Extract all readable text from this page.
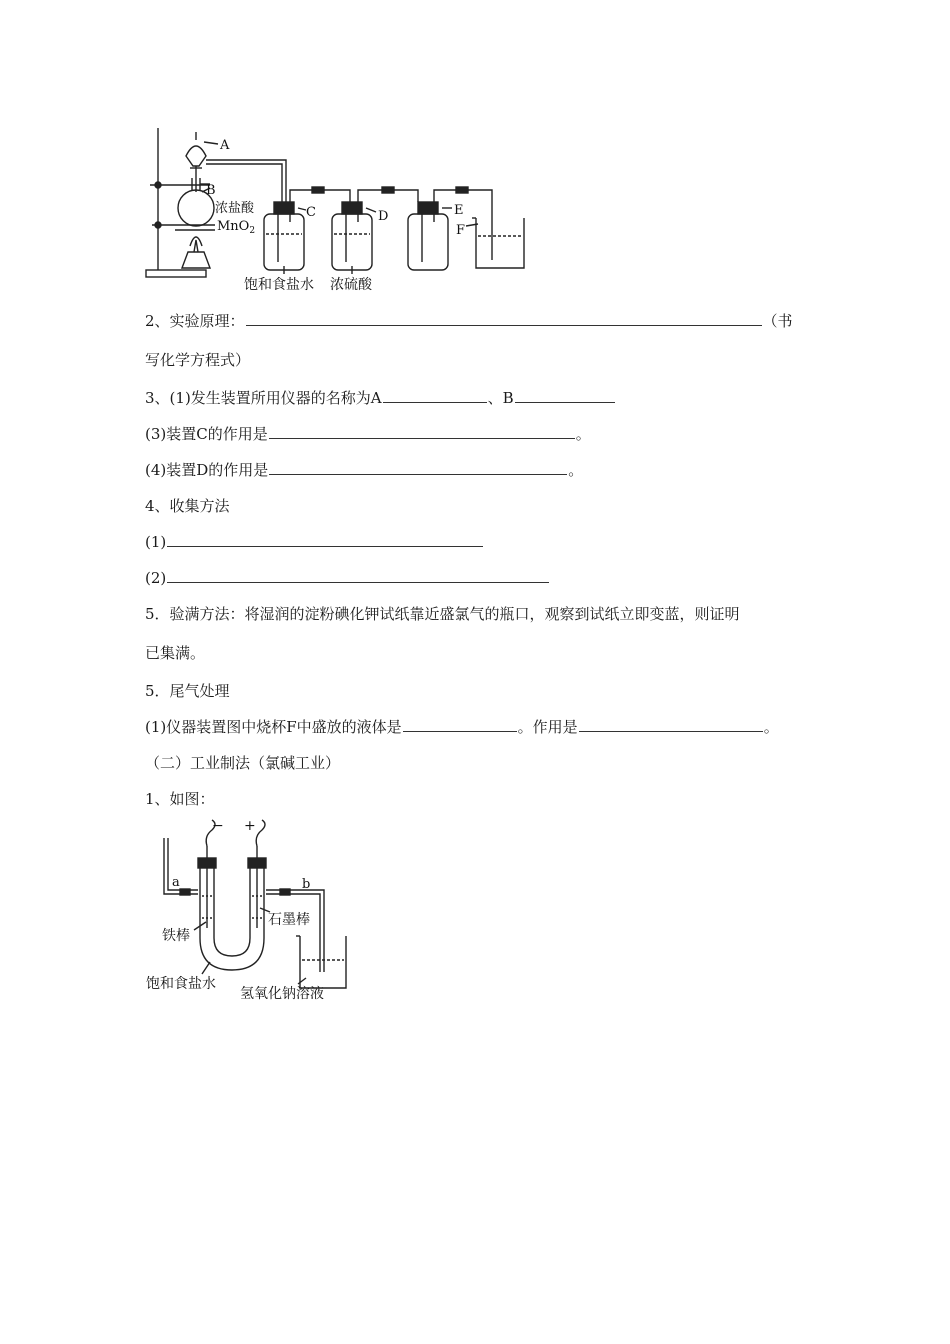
A
B
浓盐酸
MnO$_2$
C	D	E
F
饱和食盐水 浓硫酸
2、实验原理：	（书
写化学方程式）
3、(1)发生装置所用仪器的名称为A	、B
(3)装置C的作用是	。
(4)装置D的作用是	。
4、收集方法
(1)
(2)
5．验满方法：将湿润的淀粉碘化钾试纸靠近盛氯气的瓶口，观察到试纸立即变蓝，则证明
已集满。
5．尾气处理
(1)仪器装置图中烧杯F中盛放的液体是	。作用是	。
（二）工业制法（氯碱工业）
1、如图：
− +
a	b
铁棒
石墨棒
饱和食盐水
氢氧化钠溶液
